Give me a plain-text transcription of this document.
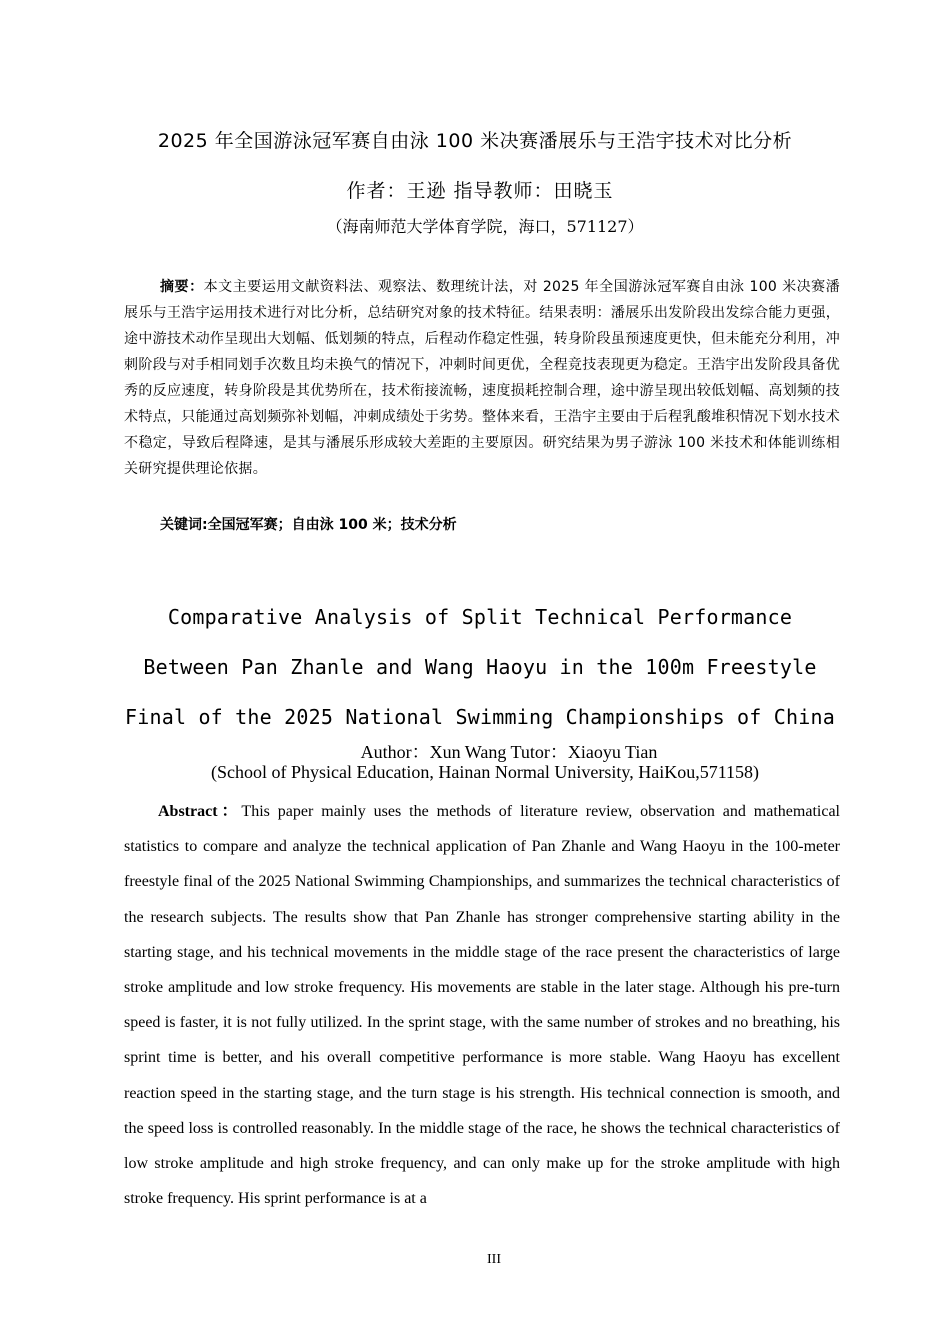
2025 年全国游泳冠军赛自由泳 100 米决赛潘展乐与王浩宇技术对比分析
作者：王逊 指导教师：田晓玉
（海南师范大学体育学院，海口，571127）
摘要：本文主要运用文献资料法、观察法、数理统计法，对 2025 年全国游泳冠军赛自由泳 100 米决赛潘展乐与王浩宇运用技术进行对比分析，总结研究对象的技术特征。结果表明：潘展乐出发阶段出发综合能力更强，途中游技术动作呈现出大划幅、低划频的特点，后程动作稳定性强，转身阶段虽预速度更快，但未能充分利用，冲刺阶段与对手相同划手次数且均未换气的情况下，冲刺时间更优，全程竞技表现更为稳定。王浩宇出发阶段具备优秀的反应速度，转身阶段是其优势所在，技术衔接流畅，速度损耗控制合理，途中游呈现出较低划幅、高划频的技术特点，只能通过高划频弥补划幅，冲刺成绩处于劣势。整体来看，王浩宇主要由于后程乳酸堆积情况下划水技术不稳定，导致后程降速，是其与潘展乐形成较大差距的主要原因。研究结果为男子游泳 100 米技术和体能训练相关研究提供理论依据。
关键词:全国冠军赛；自由泳 100 米；技术分析
Comparative Analysis of Split Technical Performance Between Pan Zhanle and Wang Haoyu in the 100m Freestyle Final of the 2025 National Swimming Championships of China
Author：Xun Wang Tutor：Xiaoyu Tian
(School of Physical Education, Hainan Normal University, HaiKou,571158)
Abstract：This paper mainly uses the methods of literature review, observation and mathematical statistics to compare and analyze the technical application of Pan Zhanle and Wang Haoyu in the 100-meter freestyle final of the 2025 National Swimming Championships, and summarizes the technical characteristics of the research subjects. The results show that Pan Zhanle has stronger comprehensive starting ability in the starting stage, and his technical movements in the middle stage of the race present the characteristics of large stroke amplitude and low stroke frequency. His movements are stable in the later stage. Although his pre-turn speed is faster, it is not fully utilized. In the sprint stage, with the same number of strokes and no breathing, his sprint time is better, and his overall competitive performance is more stable. Wang Haoyu has excellent reaction speed in the starting stage, and the turn stage is his strength. His technical connection is smooth, and the speed loss is controlled reasonably. In the middle stage of the race, he shows the technical characteristics of low stroke amplitude and high stroke frequency, and can only make up for the stroke amplitude with high stroke frequency. His sprint performance is at a
III
